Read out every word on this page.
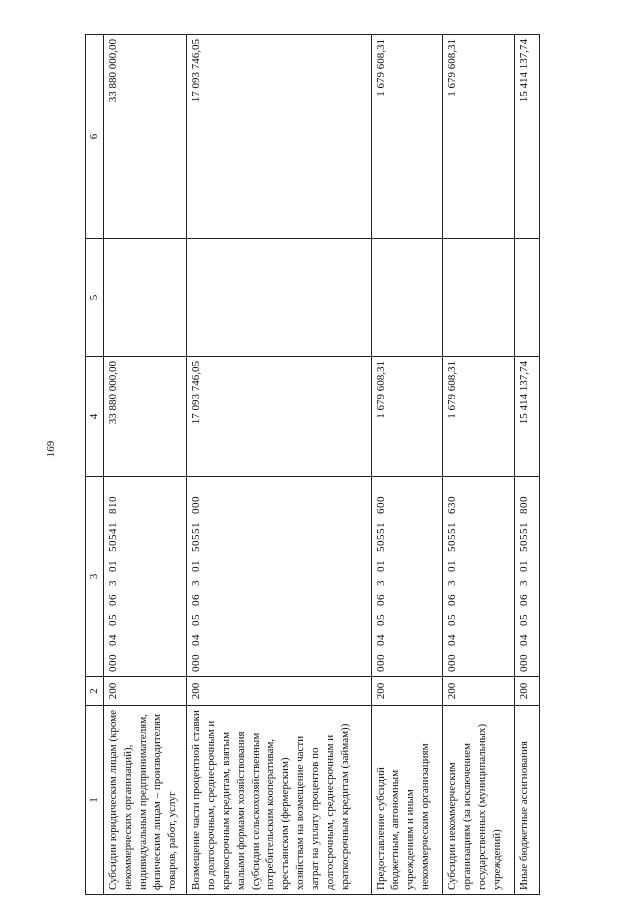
169
1	2	3	4	5	6
Субсидии юридическим лицам (кроме некоммерческих организаций), индивидуальным предпринимателям, физическим лицам – производителям товаров, работ, услуг	200	00004050630150541810	33 880 000,00		33 880 000,00
Возмещение части процентной ставки по долгосрочным, среднесрочным и краткосрочным кредитам, взятым малыми формами хозяйствования (субсидии сельскохозяйственным потребительским кооперативам, крестьянским (фермерским) хозяйствам на возмещение части затрат на уплату процентов по долгосрочным, среднесрочным и краткосрочным кредитам (займам))	200	00004050630150551000	17 093 746,05		17 093 746,05
Предоставление субсидий бюджетным, автономным учреждениям и иным некоммерческим организациям	200	00004050630150551600	1 679 608,31		1 679 608,31
Субсидии некоммерческим организациям (за исключением государственных (муниципальных) учреждений)	200	00004050630150551630	1 679 608,31		1 679 608,31
Иные бюджетные ассигнования	200	00004050630150551800	15 414 137,74		15 414 137,74
